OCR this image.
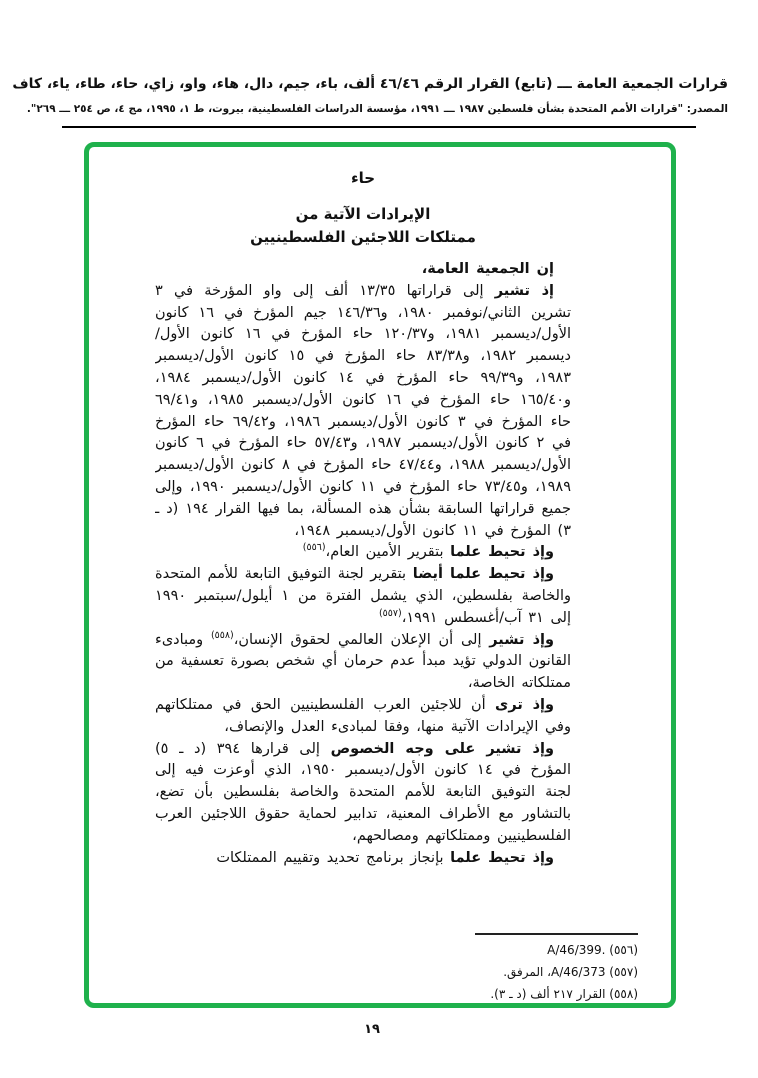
قرارات الجمعية العامة ـــ (تابع) القرار الرقم ٤٦/٤٦ ألف، باء، جيم، دال، هاء، واو، زاي، حاء، طاء، ياء، كاف
المصدر: "قرارات الأمم المتحدة بشأن فلسطين ١٩٨٧ ـــ ١٩٩١، مؤسسة الدراسات الفلسطينية، بيروت، ط ١، ١٩٩٥، مج ٤، ص ٢٥٤ ـــ ٢٦٩".
حاء
الإيرادات الآتية من
ممتلكات اللاجئين الفلسطينيين

إن الجمعية العامة،

إذ تشير إلى قراراتها ١٣/٣٥ ألف إلى واو المؤرخة في ٣ تشرين الثاني/نوفمبر ١٩٨٠، و١٤٦/٣٦ جيم المؤرخ في ١٦ كانون الأول/ديسمبر ١٩٨١، و١٢٠/٣٧ حاء المؤرخ في ١٦ كانون الأول/ديسمبر ١٩٨٢، و٨٣/٣٨ حاء المؤرخ في ١٥ كانون الأول/ديسمبر ١٩٨٣، و٩٩/٣٩ حاء المؤرخ في ١٤ كانون الأول/ديسمبر ١٩٨٤، و١٦٥/٤٠ حاء المؤرخ في ١٦ كانون الأول/ديسمبر ١٩٨٥، و٦٩/٤١ حاء المؤرخ في ٣ كانون الأول/ديسمبر ١٩٨٦، و٦٩/٤٢ حاء المؤرخ في ٢ كانون الأول/ديسمبر ١٩٨٧، و٥٧/٤٣ حاء المؤرخ في ٦ كانون الأول/ديسمبر ١٩٨٨، و٤٧/٤٤ حاء المؤرخ في ٨ كانون الأول/ديسمبر ١٩٨٩، و٧٣/٤٥ حاء المؤرخ في ١١ كانون الأول/ديسمبر ١٩٩٠، وإلى جميع قراراتها السابقة بشأن هذه المسألة، بما فيها القرار ١٩٤ (د ـ ٣) المؤرخ في ١١ كانون الأول/ديسمبر ١٩٤٨،

وإذ تحيط علما بتقرير الأمين العام،$^{(٥٥٦)}$

وإذ تحيط علما أيضا بتقرير لجنة التوفيق التابعة للأمم المتحدة والخاصة بفلسطين، الذي يشمل الفترة من ١ أيلول/سبتمبر ١٩٩٠ إلى ٣١ آب/أغسطس ١٩٩١،$^{(٥٥٧)}$

وإذ تشير إلى أن الإعلان العالمي لحقوق الإنسان،$^{(٥٥٨)}$ ومبادىء القانون الدولي تؤيد مبدأ عدم حرمان أي شخص بصورة تعسفية من ممتلكاته الخاصة،

وإذ ترى أن للاجئين العرب الفلسطينيين الحق في ممتلكاتهم وفي الإيرادات الآتية منها، وفقا لمبادىء العدل والإنصاف،

وإذ تشير على وجه الخصوص إلى قرارها ٣٩٤ (د ـ ٥) المؤرخ في ١٤ كانون الأول/ديسمبر ١٩٥٠، الذي أوعزت فيه إلى لجنة التوفيق التابعة للأمم المتحدة والخاصة بفلسطين بأن تضع، بالتشاور مع الأطراف المعنية، تدابير لحماية حقوق اللاجئين العرب الفلسطينيين وممتلكاتهم ومصالحهم،

وإذ تحيط علما بإنجاز برنامج تحديد وتقييم الممتلكات

(٥٥٦) A/46/399.
(٥٥٧) A/46/373، المرفق.
(٥٥٨) القرار ٢١٧ ألف (د ـ ٣).
١٩
